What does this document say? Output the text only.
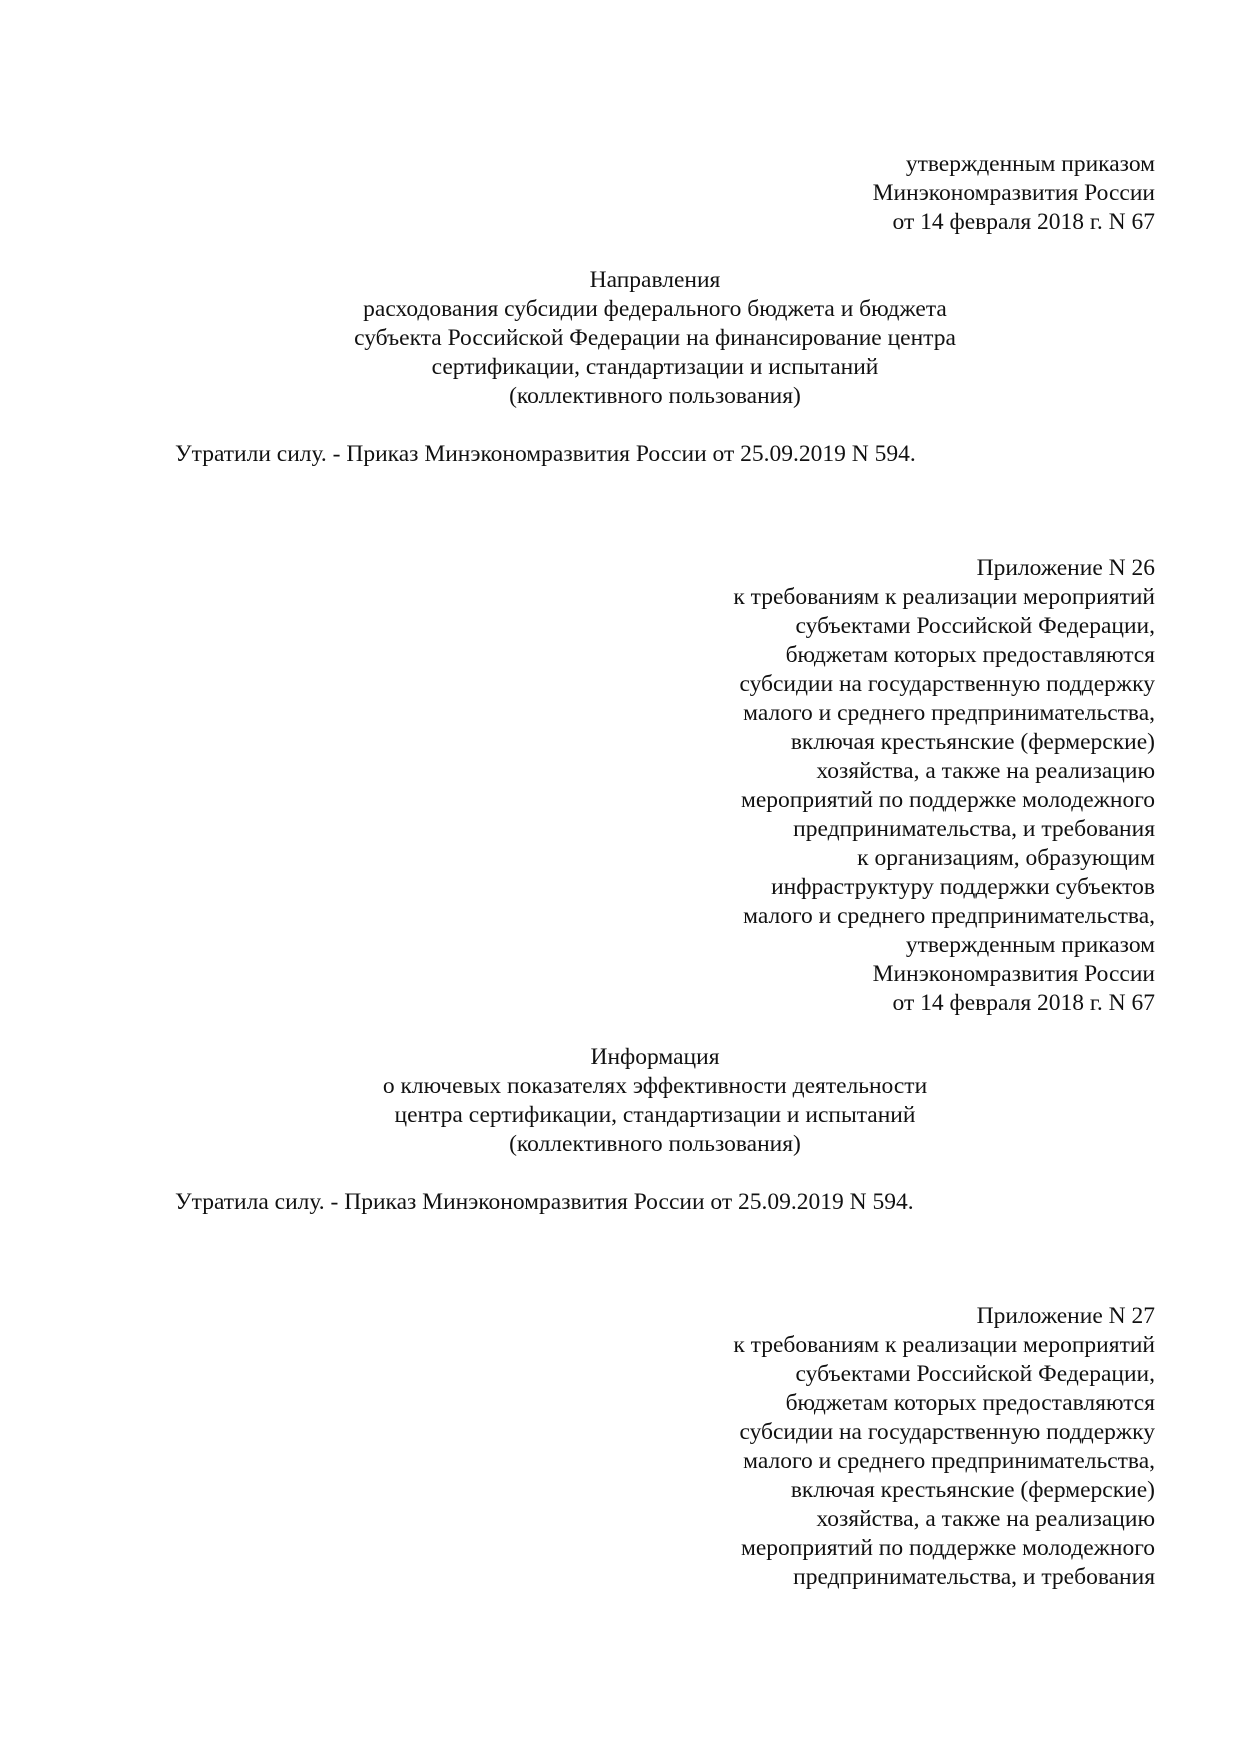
утвержденным приказом
Минэкономразвития России
от 14 февраля 2018 г. N 67
Направления
расходования субсидии федерального бюджета и бюджета
субъекта Российской Федерации на финансирование центра
сертификации, стандартизации и испытаний
(коллективного пользования)
Утратили силу. - Приказ Минэкономразвития России от 25.09.2019 N 594.
Приложение N 26
к требованиям к реализации мероприятий
субъектами Российской Федерации,
бюджетам которых предоставляются
субсидии на государственную поддержку
малого и среднего предпринимательства,
включая крестьянские (фермерские)
хозяйства, а также на реализацию
мероприятий по поддержке молодежного
предпринимательства, и требования
к организациям, образующим
инфраструктуру поддержки субъектов
малого и среднего предпринимательства,
утвержденным приказом
Минэкономразвития России
от 14 февраля 2018 г. N 67
Информация
о ключевых показателях эффективности деятельности
центра сертификации, стандартизации и испытаний
(коллективного пользования)
Утратила силу. - Приказ Минэкономразвития России от 25.09.2019 N 594.
Приложение N 27
к требованиям к реализации мероприятий
субъектами Российской Федерации,
бюджетам которых предоставляются
субсидии на государственную поддержку
малого и среднего предпринимательства,
включая крестьянские (фермерские)
хозяйства, а также на реализацию
мероприятий по поддержке молодежного
предпринимательства, и требования
